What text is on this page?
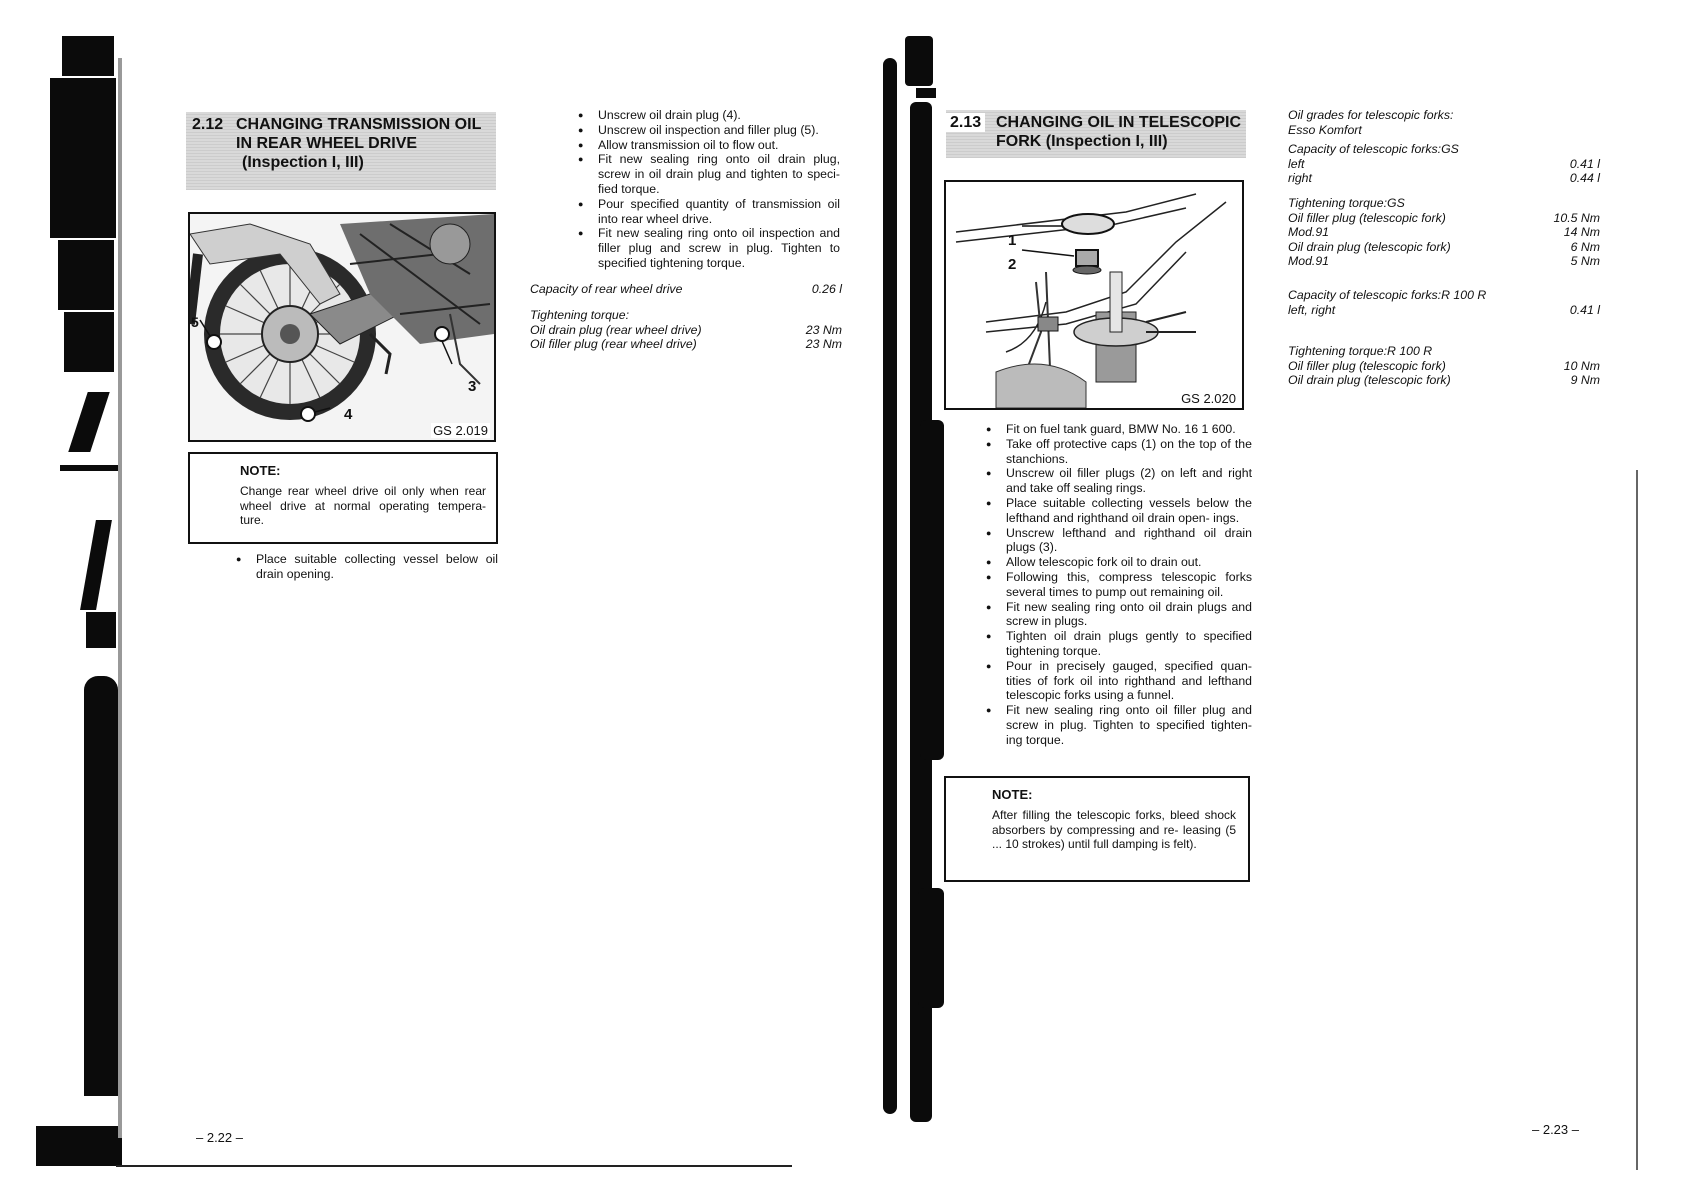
2.12 CHANGING TRANSMISSION OIL
IN REAR WHEEL DRIVE
(Inspection I, III)
5
3
4
GS 2.019
NOTE:
Change rear wheel drive oil only when rear wheel drive at normal operating tempera- ture.
● Place suitable collecting vessel below oil drain opening.
● Unscrew oil drain plug (4).
● Unscrew oil inspection and filler plug (5).
● Allow transmission oil to flow out.
● Fit new sealing ring onto oil drain plug, screw in oil drain plug and tighten to speci- fied torque.
● Pour specified quantity of transmission oil into rear wheel drive.
● Fit new sealing ring onto oil inspection and filler plug and screw in plug. Tighten to specified tightening torque.
Capacity of rear wheel drive	0.26 l
Tightening torque:
Oil drain plug (rear wheel drive)	23 Nm
Oil filler plug (rear wheel drive)	23 Nm
– 2.22 –
2.13 CHANGING OIL IN TELESCOPIC
FORK (Inspection I, III)
1
2
GS 2.020
● Fit on fuel tank guard, BMW No. 16 1 600.
● Take off protective caps (1) on the top of the stanchions.
● Unscrew oil filler plugs (2) on left and right and take off sealing rings.
● Place suitable collecting vessels below the lefthand and righthand oil drain open- ings.
● Unscrew lefthand and righthand oil drain plugs (3).
● Allow telescopic fork oil to drain out.
● Following this, compress telescopic forks several times to pump out remaining oil.
● Fit new sealing ring onto oil drain plugs and screw in plugs.
● Tighten oil drain plugs gently to specified tightening torque.
● Pour in precisely gauged, specified quan- tities of fork oil into righthand and lefthand telescopic forks using a funnel.
● Fit new sealing ring onto oil filler plug and screw in plug. Tighten to specified tighten- ing torque.
NOTE:
After filling the telescopic forks, bleed shock absorbers by compressing and re- leasing (5 ... 10 strokes) until full damping is felt).
Oil grades for telescopic forks:
Esso Komfort
Capacity of telescopic forks:GS
left	0.41 l
right	0.44 l
Tightening torque:GS
Oil filler plug (telescopic fork)	10.5 Nm
Mod.91	14 Nm
Oil drain plug (telescopic fork)	6 Nm
Mod.91	5 Nm
Capacity of telescopic forks:R 100 R
left, right	0.41 l
Tightening torque:R 100 R
Oil filler plug (telescopic fork)	10 Nm
Oil drain plug (telescopic fork)	9 Nm
– 2.23 –
